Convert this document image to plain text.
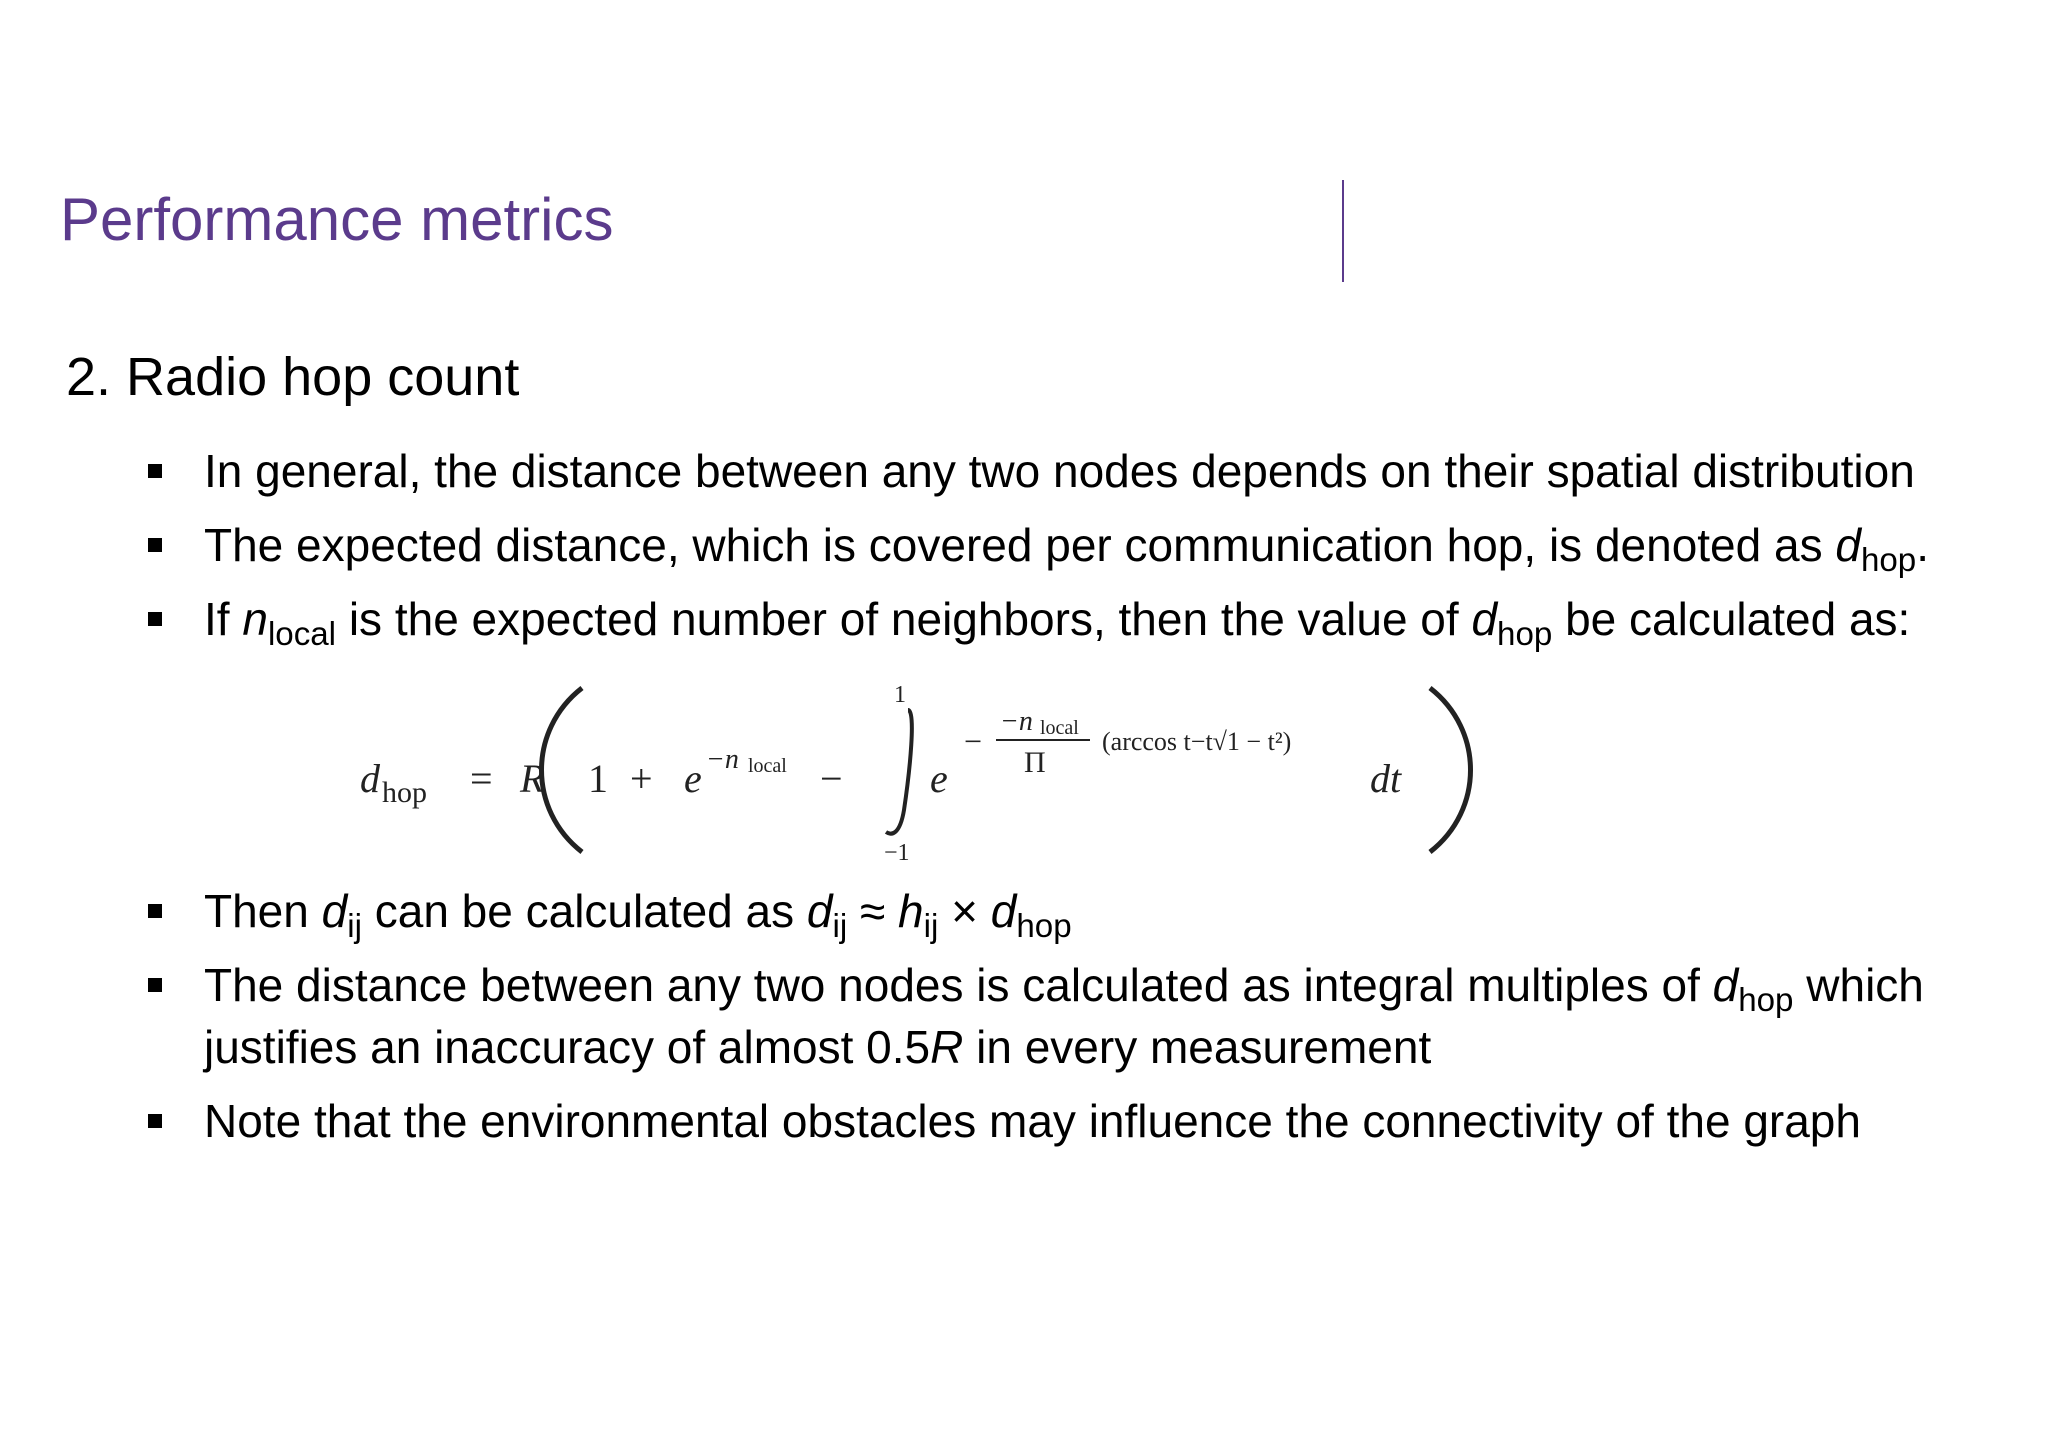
Performance metrics
2. Radio hop count
In general, the distance between any two nodes depends on their spatial distribution
The expected distance, which is covered per communication hop, is denoted as $d_{hop}$.
If $n_{local}$ is the expected number of neighbors, then the value of $d_{hop}$ be calculated as:
d hop = R 1 + e −n local −
1
−1
e
−
−n local
Π
(arccos t−t√1 − t²)
dt
Then $d_{ij}$ can be calculated as $d_{ij} \approx h_{ij} \times d_{hop}$
The distance between any two nodes is calculated as integral multiples of $d_{hop}$ which justifies an inaccuracy of almost 0.5R in every measurement
Note that the environmental obstacles may influence the connectivity of the graph
